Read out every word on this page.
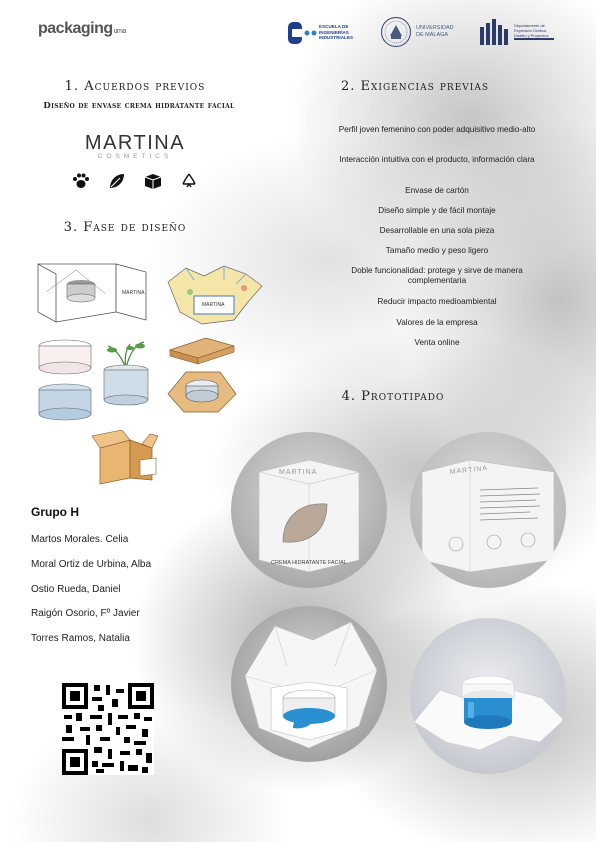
packaginguma
ESCUELA DE
INGENIERÍAS
INDUSTRIALES
UNIVERSIDAD
DE MÁLAGA
Departamento de
Expresión Gráfica,
Diseño y Proyectos
1. Acuerdos previos
Diseño de envase crema hidratante facial
MARTINA
COSMETICS
3. Fase de diseño
MARTINA
MARTINA
Grupo H
Martos Morales. Celia
Moral Ortiz de Urbina, Alba
Ostio Rueda, Daniel
Raigón Osorio, Fº Javier
Torres Ramos, Natalia
2. Exigencias previas
Perfil joven femenino con poder adquisitivo medio-alto
Interacción intuitiva con el producto, información clara
Envase de cartón
Diseño simple y de fácil montaje
Desarrollable en una sola pieza
Tamaño medio y peso ligero
Doble funcionalidad: protege y sirve de manera complementaria
Reducir impacto medioambiental
Valores de la empresa
Venta online
4. Prototipado
CREMA HIDRATANTE FACIAL
MARTINA	MARTINA
